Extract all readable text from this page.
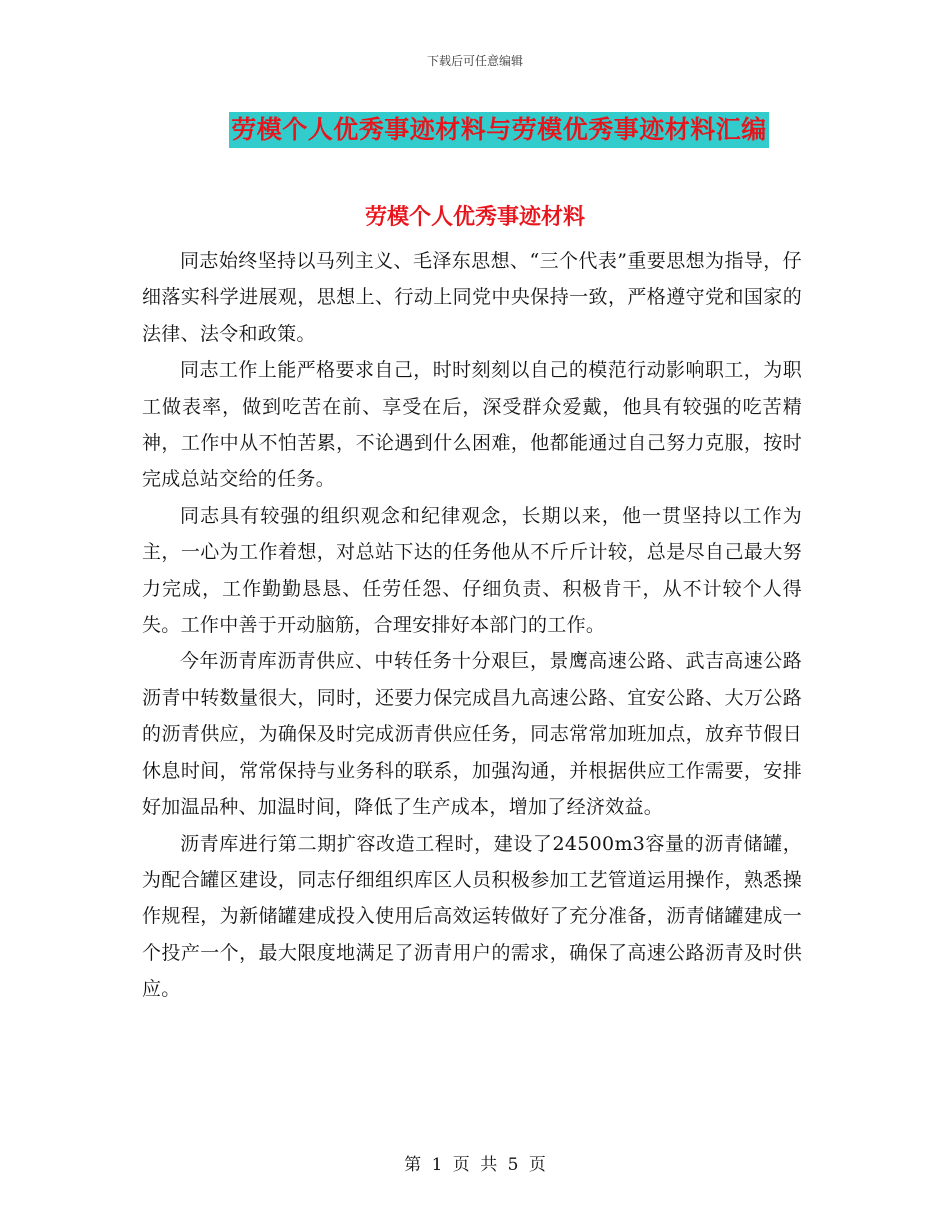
下载后可任意编辑
劳模个人优秀事迹材料与劳模优秀事迹材料汇编
劳模个人优秀事迹材料

同志始终坚持以马列主义、毛泽东思想、“三个代表”重要思想为指导，仔细落实科学进展观，思想上、行动上同党中央保持一致，严格遵守党和国家的法律、法令和政策。

同志工作上能严格要求自己，时时刻刻以自己的模范行动影响职工，为职工做表率，做到吃苦在前、享受在后，深受群众爱戴，他具有较强的吃苦精神，工作中从不怕苦累，不论遇到什么困难，他都能通过自己努力克服，按时完成总站交给的任务。

同志具有较强的组织观念和纪律观念，长期以来，他一贯坚持以工作为主，一心为工作着想，对总站下达的任务他从不斤斤计较，总是尽自己最大努力完成，工作勤勤恳恳、任劳任怨、仔细负责、积极肯干，从不计较个人得失。工作中善于开动脑筋，合理安排好本部门的工作。

今年沥青库沥青供应、中转任务十分艰巨，景鹰高速公路、武吉高速公路沥青中转数量很大，同时，还要力保完成昌九高速公路、宜安公路、大万公路的沥青供应，为确保及时完成沥青供应任务，同志常常加班加点，放弃节假日休息时间，常常保持与业务科的联系，加强沟通，并根据供应工作需要，安排好加温品种、加温时间，降低了生产成本，增加了经济效益。

沥青库进行第二期扩容改造工程时，建设了24500m3容量的沥青储罐，为配合罐区建设，同志仔细组织库区人员积极参加工艺管道运用操作，熟悉操作规程，为新储罐建成投入使用后高效运转做好了充分准备，沥青储罐建成一个投产一个，最大限度地满足了沥青用户的需求，确保了高速公路沥青及时供应。

第 1 页 共 5 页
